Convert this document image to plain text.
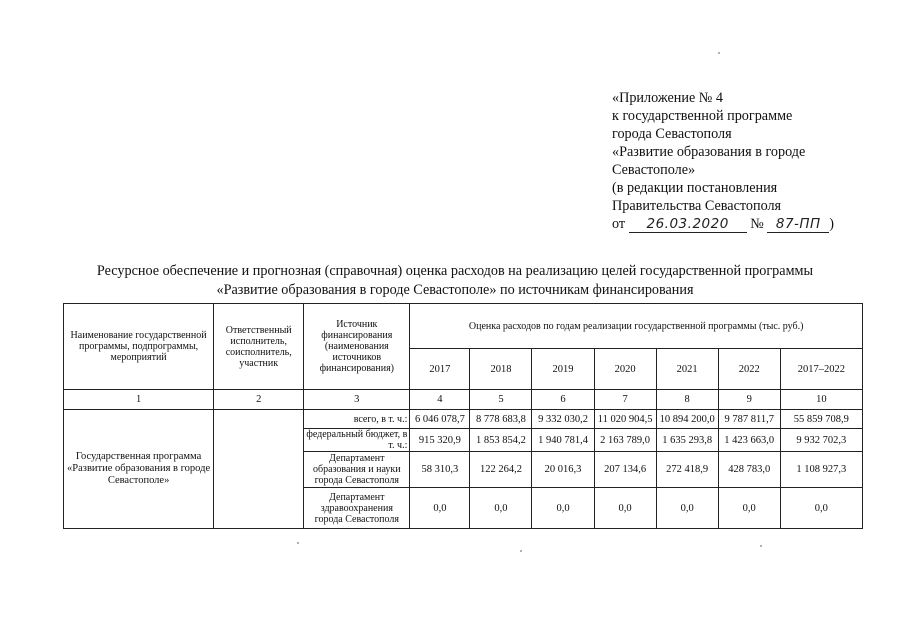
«Приложение № 4
к государственной программе
города Севастополя
«Развитие образования в городе
Севастополе»
(в редакции постановления
Правительства Севастополя
от 26.03.2020 № 87-ПП )
Ресурсное обеспечение и прогнозная (справочная) оценка расходов на реализацию целей государственной программы
«Развитие образования в городе Севастополе» по источникам финансирования
Наименование государственной программы, подпрограммы, мероприятий	Ответственный исполнитель, соисполнитель, участник	Источник финансирования (наименования источников финансирования)	Оценка расходов по годам реализации государственной программы (тыс. руб.)						
			2017	2018	2019	2020	2021	2022	2017–2022
1	2	3	4	5	6	7	8	9	10
Государственная программа «Развитие образования в городе Севастополе»		всего, в т. ч.:	6 046 078,7	8 778 683,8	9 332 030,2	11 020 904,5	10 894 200,0	9 787 811,7	55 859 708,9
		федеральный бюджет, в т. ч.:	915 320,9	1 853 854,2	1 940 781,4	2 163 789,0	1 635 293,8	1 423 663,0	9 932 702,3
		Департамент образования и науки города Севастополя	58 310,3	122 264,2	20 016,3	207 134,6	272 418,9	428 783,0	1 108 927,3
		Департамент здравоохранения города Севастополя	0,0	0,0	0,0	0,0	0,0	0,0	0,0
